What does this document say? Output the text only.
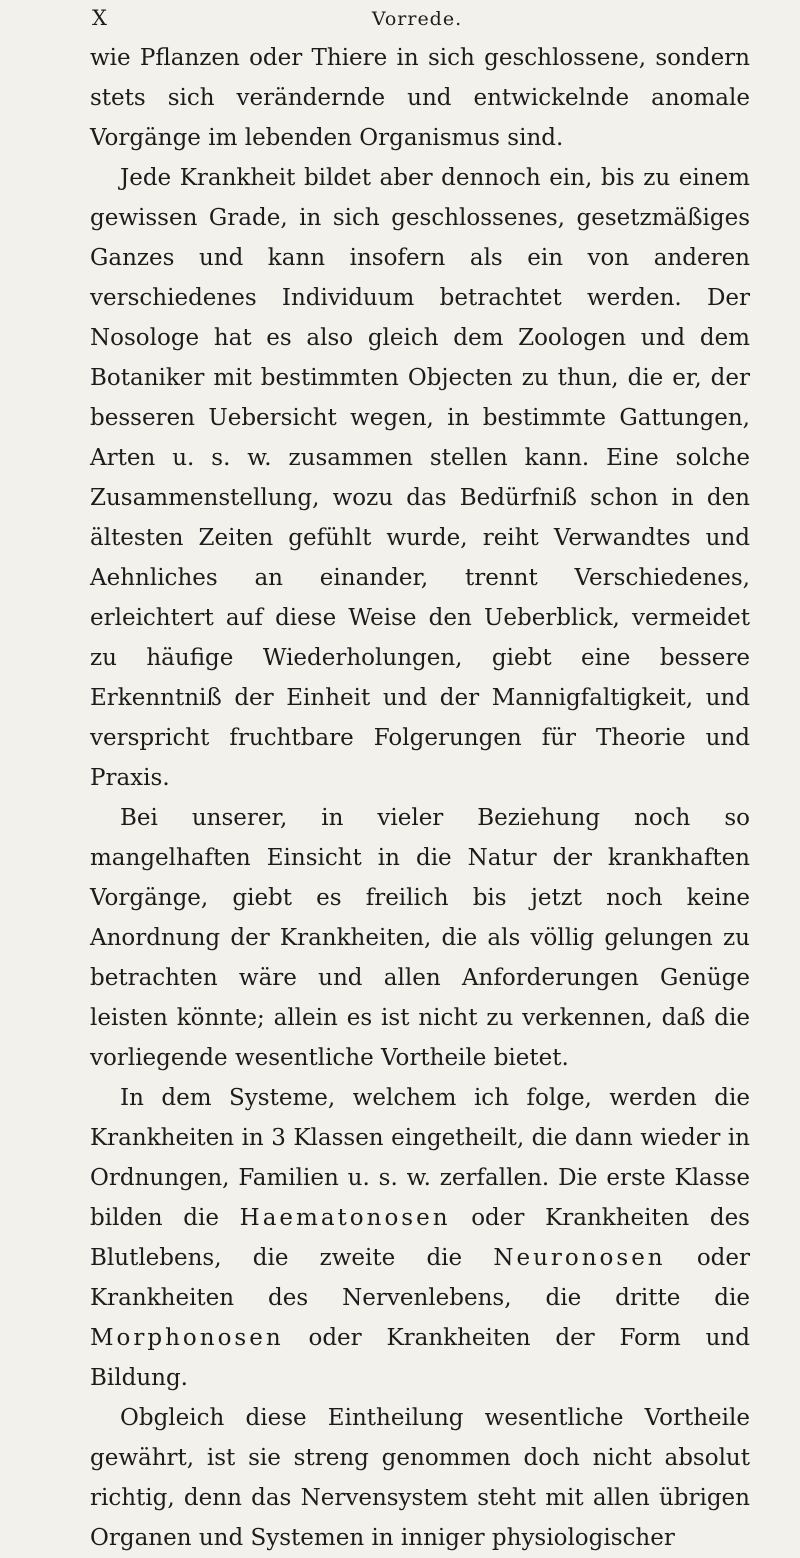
X	Vorrede.

wie Pflanzen oder Thiere in sich geschlossene, sondern stets sich verändernde und entwickelnde anomale Vorgänge im lebenden Organismus sind.

Jede Krankheit bildet aber dennoch ein, bis zu einem gewissen Grade, in sich geschlossenes, gesetzmäßiges Ganzes und kann insofern als ein von anderen verschiedenes Individuum betrachtet werden. Der Nosologe hat es also gleich dem Zoologen und dem Botaniker mit bestimmten Objecten zu thun, die er, der besseren Uebersicht wegen, in bestimmte Gattungen, Arten u. s. w. zusammen stellen kann. Eine solche Zusammenstellung, wozu das Bedürfniß schon in den ältesten Zeiten gefühlt wurde, reiht Verwandtes und Aehnliches an einander, trennt Verschiedenes, erleichtert auf diese Weise den Ueberblick, vermeidet zu häufige Wiederholungen, giebt eine bessere Erkenntniß der Einheit und der Mannigfaltigkeit, und verspricht fruchtbare Folgerungen für Theorie und Praxis.

Bei unserer, in vieler Beziehung noch so mangelhaften Einsicht in die Natur der krankhaften Vorgänge, giebt es freilich bis jetzt noch keine Anordnung der Krankheiten, die als völlig gelungen zu betrachten wäre und allen Anforderungen Genüge leisten könnte; allein es ist nicht zu verkennen, daß die vorliegende wesentliche Vortheile bietet.

In dem Systeme, welchem ich folge, werden die Krankheiten in 3 Klassen eingetheilt, die dann wieder in Ordnungen, Familien u. s. w. zerfallen. Die erste Klasse bilden die Haematonosen oder Krankheiten des Blutlebens, die zweite die Neuronosen oder Krankheiten des Nervenlebens, die dritte die Morphonosen oder Krankheiten der Form und Bildung.

Obgleich diese Eintheilung wesentliche Vortheile gewährt, ist sie streng genommen doch nicht absolut richtig, denn das Nervensystem steht mit allen übrigen Organen und Systemen in inniger physiologischer
